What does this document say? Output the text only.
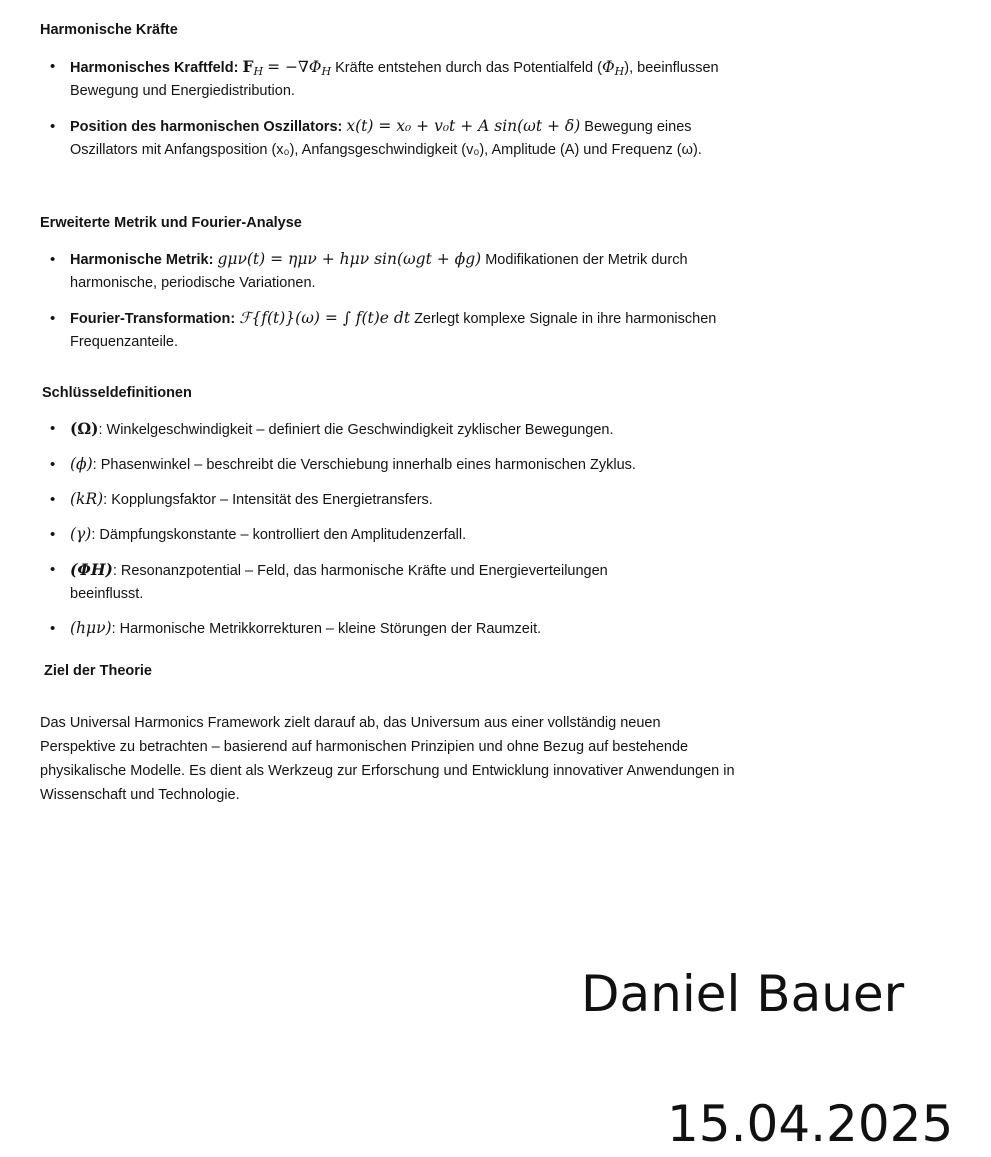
Harmonische Kräfte
• Harmonisches Kraftfeld: $F_H = -\nabla\Phi_H$ Kräfte entstehen durch das Potentialfeld $(\Phi_H)$, beeinflussen Bewegung und Energiedistribution.
• Position des harmonischen Oszillators: x(t) = x₀ + v₀t + A sin(ωt + δ) Bewegung eines Oszillators mit Anfangsposition (x₀), Anfangsgeschwindigkeit (v₀), Amplitude (A) und Frequenz (ω).
Erweiterte Metrik und Fourier-Analyse
• Harmonische Metrik: gμν(t) = ημν + hμν sin(ωgt + ϕg) Modifikationen der Metrik durch harmonische, periodische Variationen.
• Fourier-Transformation: ℱ{f(t)}(ω) = ∫ f(t)e dt Zerlegt komplexe Signale in ihre harmonischen Frequenzanteile.
Schlüsseldefinitionen
• (Ω): Winkelgeschwindigkeit – definiert die Geschwindigkeit zyklischer Bewegungen.
• (ϕ): Phasenwinkel – beschreibt die Verschiebung innerhalb eines harmonischen Zyklus.
• (kR): Kopplungsfaktor – Intensität des Energietransfers.
• (γ): Dämpfungskonstante – kontrolliert den Amplitudenzerfall.
• (ΦH): Resonanzpotential – Feld, das harmonische Kräfte und Energieverteilungen beeinflusst.
• (hμν): Harmonische Metrikkorrekturen – kleine Störungen der Raumzeit.
Ziel der Theorie

Das Universal Harmonics Framework zielt darauf ab, das Universum aus einer vollständig neuen Perspektive zu betrachten – basierend auf harmonischen Prinzipien und ohne Bezug auf bestehende physikalische Modelle. Es dient als Werkzeug zur Erforschung und Entwicklung innovativer Anwendungen in Wissenschaft und Technologie.

Daniel Bauer
15.04.2025
